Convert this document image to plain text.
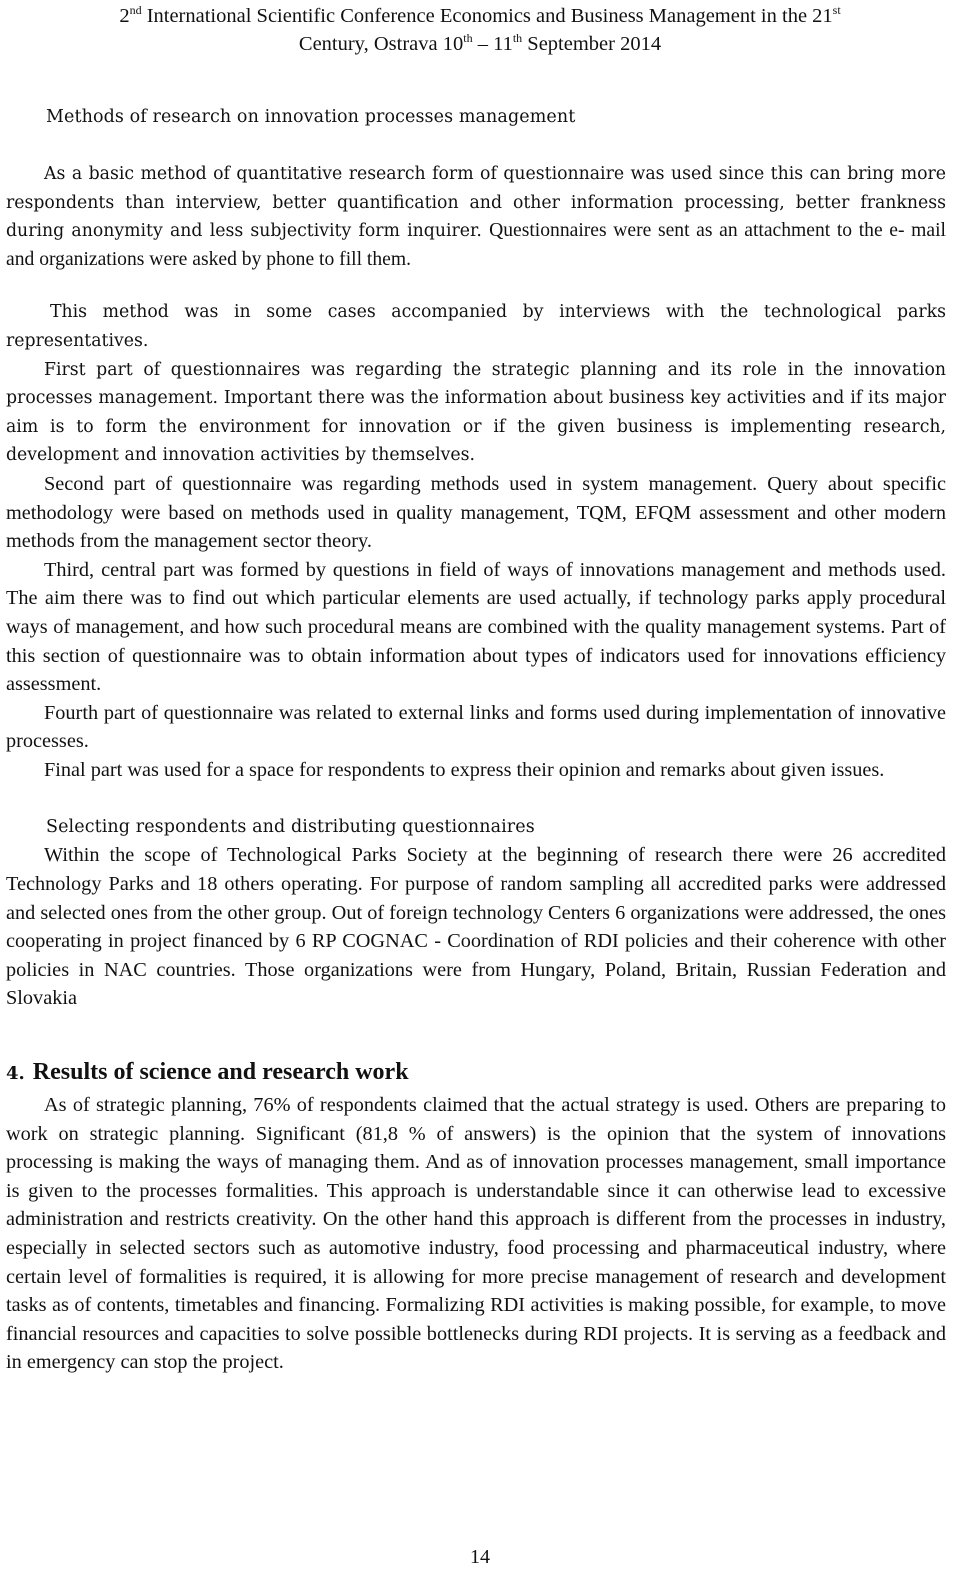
2nd International Scientific Conference Economics and Business Management in the 21st
Century, Ostrava 10th – 11th September 2014

Methods of research on innovation processes management

As a basic method of quantitative research form of questionnaire was used since this can bring more respondents than interview, better quantification and other information processing, better frankness during anonymity and less subjectivity form inquirer. Questionnaires were sent as an attachment to the e- mail and organizations were asked by phone to fill them.

This method was in some cases accompanied by interviews with the technological parks representatives.

First part of questionnaires was regarding the strategic planning and its role in the innovation processes management. Important there was the information about business key activities and if its major aim is to form the environment for innovation or if the given business is implementing research, development and innovation activities by themselves.

Second part of questionnaire was regarding methods used in system management. Query about specific methodology were based on methods used in quality management, TQM, EFQM assessment and other modern methods from the management sector theory.

Third, central part was formed by questions in field of ways of innovations management and methods used. The aim there was to find out which particular elements are used actually, if technology parks apply procedural ways of management, and how such procedural means are combined with the quality management systems. Part of this section of questionnaire was to obtain information about types of indicators used for innovations efficiency assessment.

Fourth part of questionnaire was related to external links and forms used during implementation of innovative processes.

Final part was used for a space for respondents to express their opinion and remarks about given issues.

Selecting respondents and distributing questionnaires

Within the scope of Technological Parks Society at the beginning of research there were 26 accredited Technology Parks and 18 others operating. For purpose of random sampling all accredited parks were addressed and selected ones from the other group. Out of foreign technology Centers 6 organizations were addressed, the ones cooperating in project financed by 6 RP COGNAC - Coordination of RDI policies and their coherence with other policies in NAC countries. Those organizations were from Hungary, Poland, Britain, Russian Federation and Slovakia

4. Results of science and research work

As of strategic planning, 76% of respondents claimed that the actual strategy is used. Others are preparing to work on strategic planning. Significant (81,8 % of answers) is the opinion that the system of innovations processing is making the ways of managing them. And as of innovation processes management, small importance is given to the processes formalities. This approach is understandable since it can otherwise lead to excessive administration and restricts creativity. On the other hand this approach is different from the processes in industry, especially in selected sectors such as automotive industry, food processing and pharmaceutical industry, where certain level of formalities is required, it is allowing for more precise management of research and development tasks as of contents, timetables and financing. Formalizing RDI activities is making possible, for example, to move financial resources and capacities to solve possible bottlenecks during RDI projects. It is serving as a feedback and in emergency can stop the project.

14
